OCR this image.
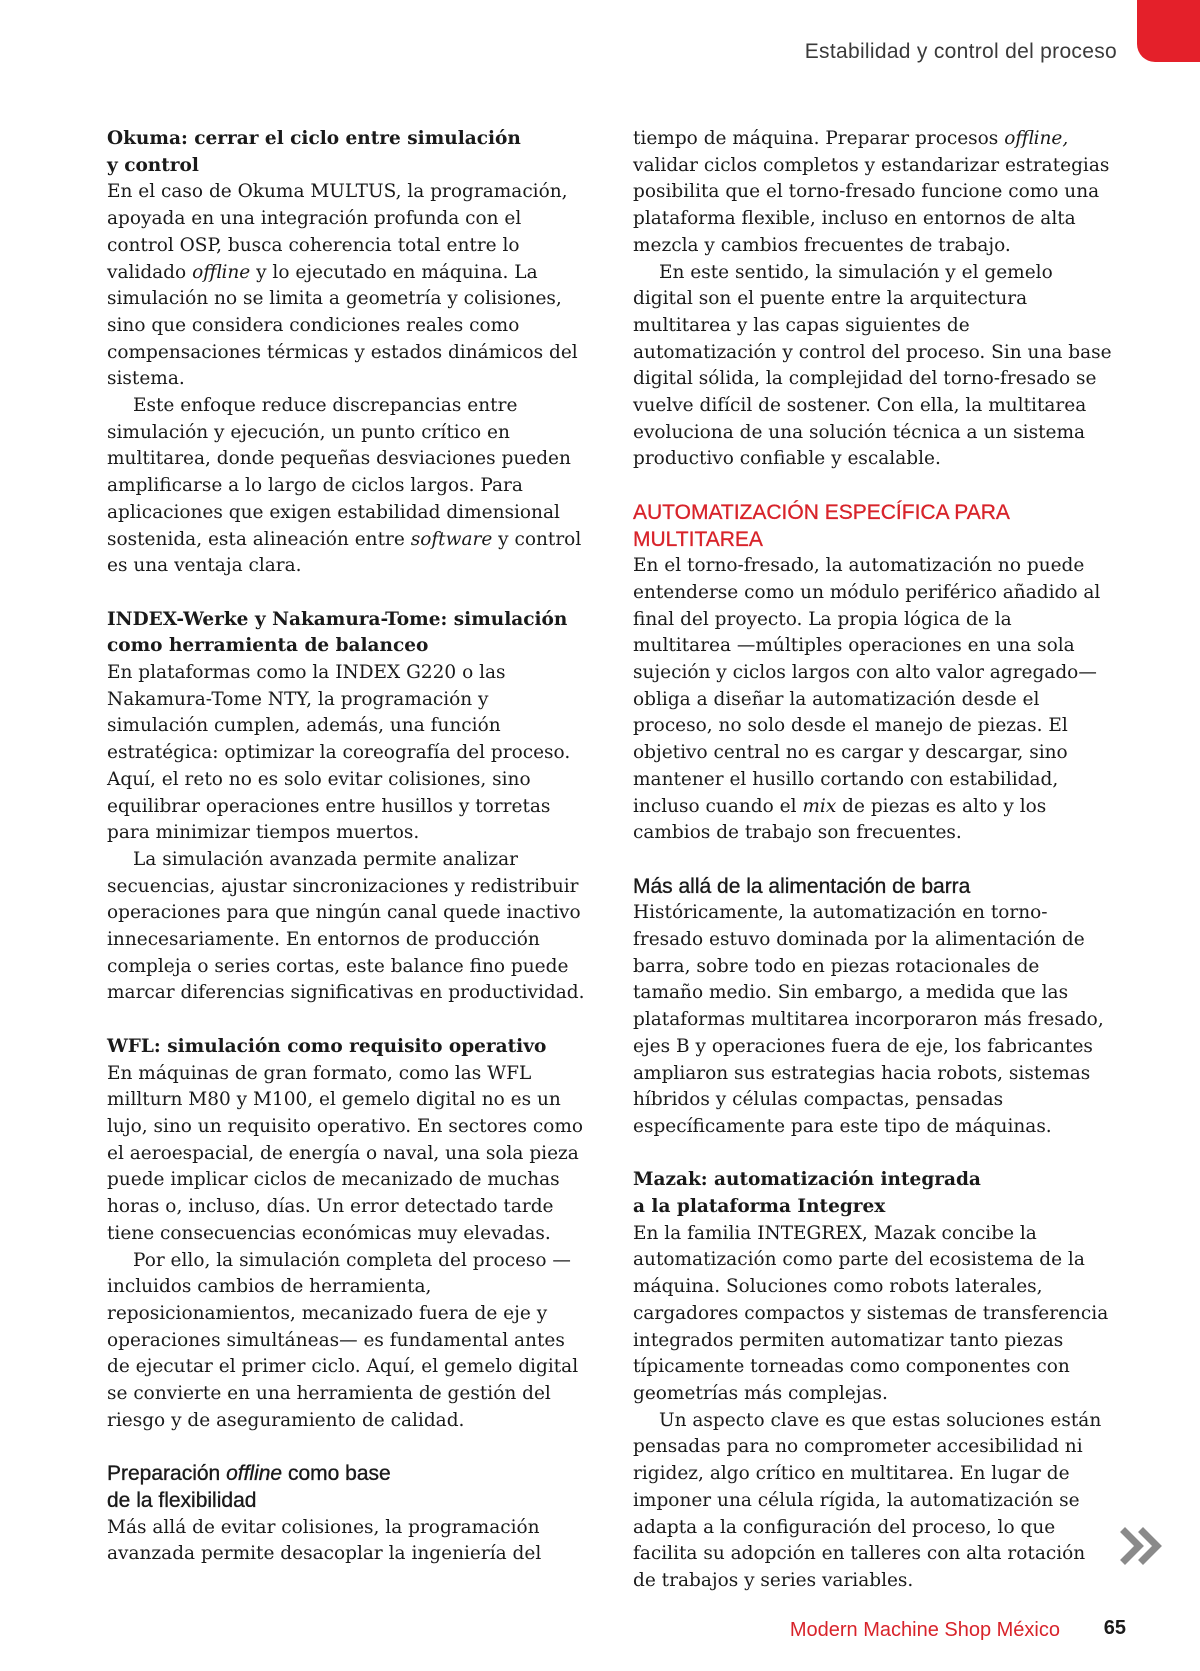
Estabilidad y control del proceso
Okuma: cerrar el ciclo entre simulación
y control

En el caso de Okuma MULTUS, la programación, apoyada en una integración profunda con el control OSP, busca coherencia total entre lo validado offline y lo ejecutado en máquina. La simulación no se limita a geometría y colisiones, sino que considera condiciones reales como compensaciones térmicas y estados dinámicos del sistema.

Este enfoque reduce discrepancias entre simulación y ejecución, un punto crítico en multitarea, donde pequeñas desviaciones pueden amplificarse a lo largo de ciclos largos. Para aplicaciones que exigen estabilidad dimensional sostenida, esta alineación entre software y control es una ventaja clara.

INDEX-Werke y Nakamura-Tome: simulación
como herramienta de balanceo

En plataformas como la INDEX G220 o las Nakamura-Tome NTY, la programación y simulación cumplen, además, una función estratégica: optimizar la coreografía del proceso. Aquí, el reto no es solo evitar colisiones, sino equilibrar operaciones entre husillos y torretas para minimizar tiempos muertos.

La simulación avanzada permite analizar secuencias, ajustar sincronizaciones y redistribuir operaciones para que ningún canal quede inactivo innecesariamente. En entornos de producción compleja o series cortas, este balance fino puede marcar diferencias significativas en productividad.

WFL: simulación como requisito operativo

En máquinas de gran formato, como las WFL millturn M80 y M100, el gemelo digital no es un lujo, sino un requisito operativo. En sectores como el aeroespacial, de energía o naval, una sola pieza puede implicar ciclos de mecanizado de muchas horas o, incluso, días. Un error detectado tarde tiene consecuencias económicas muy elevadas.

Por ello, la simulación completa del proceso —incluidos cambios de herramienta, reposicionamientos, mecanizado fuera de eje y operaciones simultáneas— es fundamental antes de ejecutar el primer ciclo. Aquí, el gemelo digital se convierte en una herramienta de gestión del riesgo y de aseguramiento de calidad.

Preparación offline como base
de la flexibilidad

Más allá de evitar colisiones, la programación avanzada permite desacoplar la ingeniería del

tiempo de máquina. Preparar procesos offline, validar ciclos completos y estandarizar estrategias posibilita que el torno-fresado funcione como una plataforma flexible, incluso en entornos de alta mezcla y cambios frecuentes de trabajo.

En este sentido, la simulación y el gemelo digital son el puente entre la arquitectura multitarea y las capas siguientes de automatización y control del proceso. Sin una base digital sólida, la complejidad del torno-fresado se vuelve difícil de sostener. Con ella, la multitarea evoluciona de una solución técnica a un sistema productivo confiable y escalable.

AUTOMATIZACIÓN ESPECÍFICA PARA MULTITAREA

En el torno-fresado, la automatización no puede entenderse como un módulo periférico añadido al final del proyecto. La propia lógica de la multitarea —múltiples operaciones en una sola sujeción y ciclos largos con alto valor agregado— obliga a diseñar la automatización desde el proceso, no solo desde el manejo de piezas. El objetivo central no es cargar y descargar, sino mantener el husillo cortando con estabilidad, incluso cuando el mix de piezas es alto y los cambios de trabajo son frecuentes.

Más allá de la alimentación de barra

Históricamente, la automatización en torno-fresado estuvo dominada por la alimentación de barra, sobre todo en piezas rotacionales de tamaño medio. Sin embargo, a medida que las plataformas multitarea incorporaron más fresado, ejes B y operaciones fuera de eje, los fabricantes ampliaron sus estrategias hacia robots, sistemas híbridos y células compactas, pensadas específicamente para este tipo de máquinas.

Mazak: automatización integrada
a la plataforma Integrex

En la familia INTEGREX, Mazak concibe la automatización como parte del ecosistema de la máquina. Soluciones como robots laterales, cargadores compactos y sistemas de transferencia integrados permiten automatizar tanto piezas típicamente torneadas como componentes con geometrías más complejas.

Un aspecto clave es que estas soluciones están pensadas para no comprometer accesibilidad ni rigidez, algo crítico en multitarea. En lugar de imponer una célula rígida, la automatización se adapta a la configuración del proceso, lo que facilita su adopción en talleres con alta rotación de trabajos y series variables.

Modern Machine Shop México 65
